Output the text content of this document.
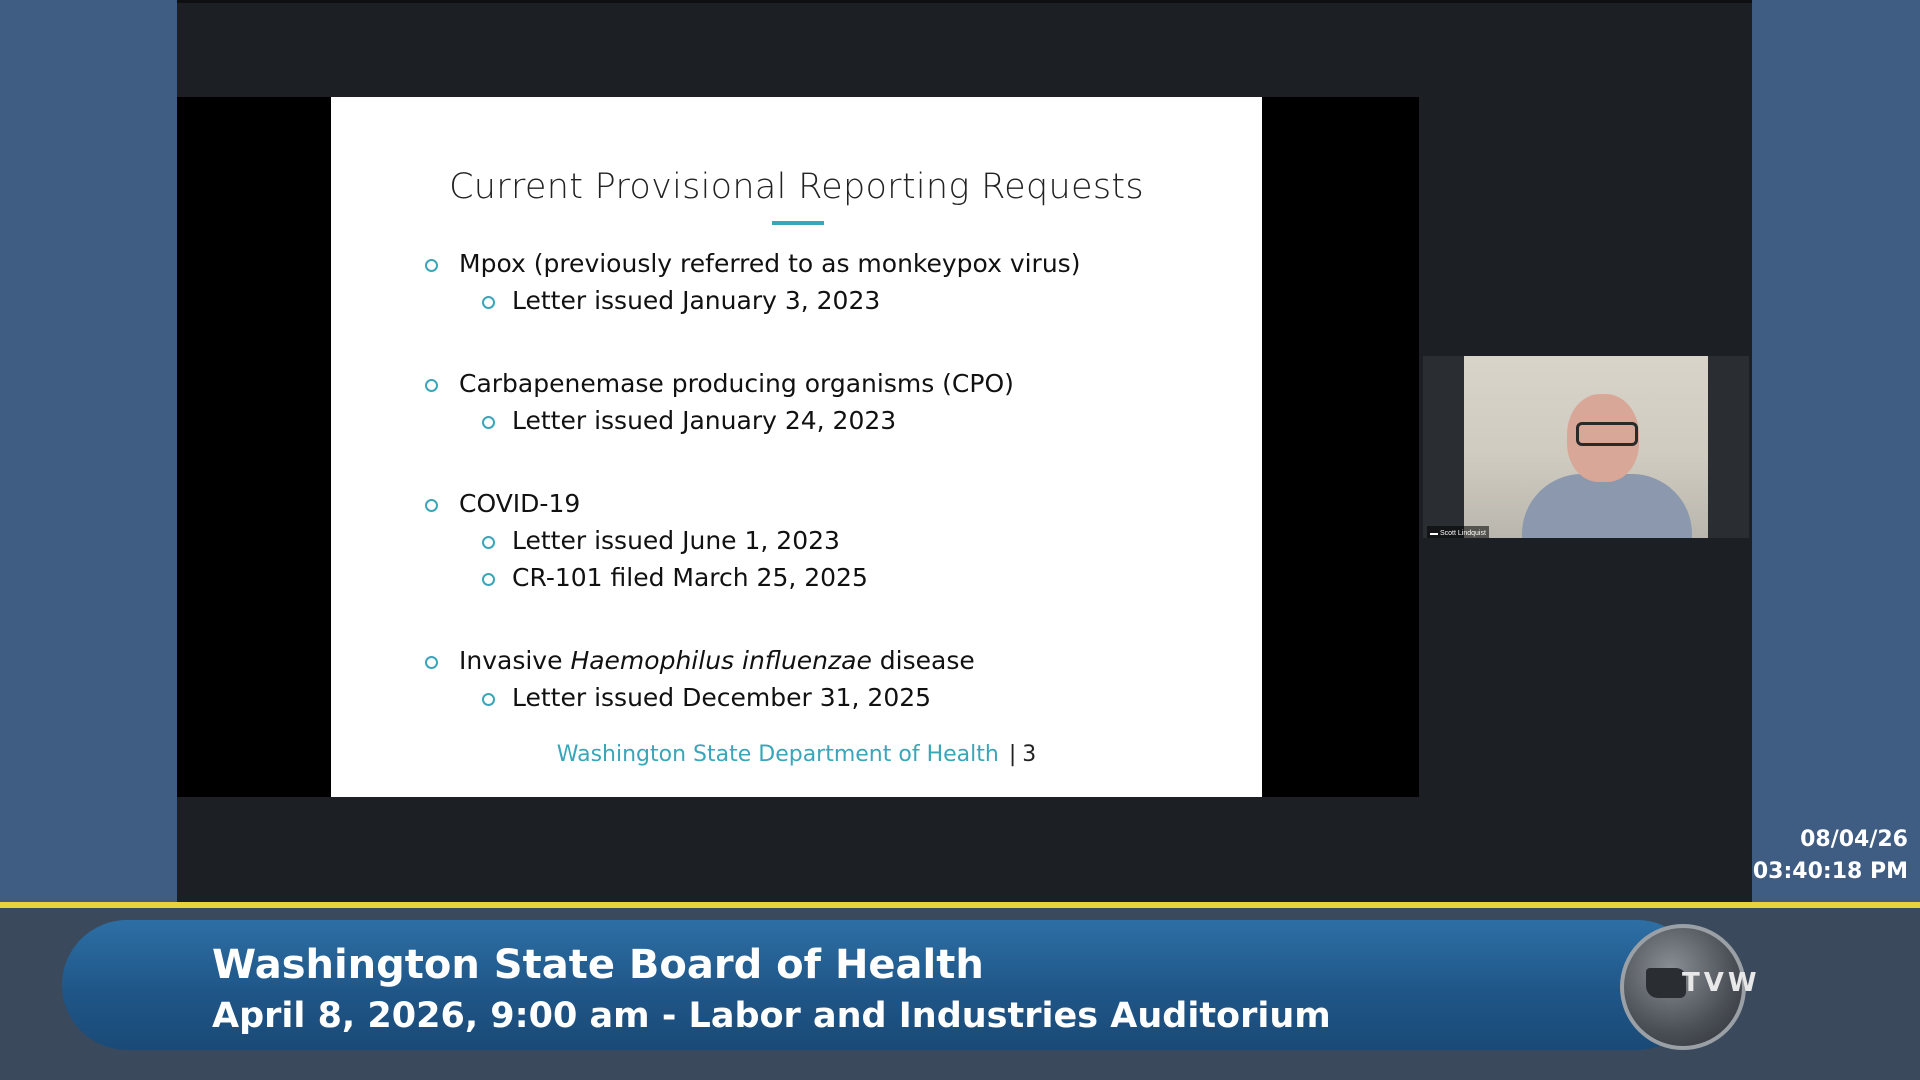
Current Provisional Reporting Requests
Mpox (previously referred to as monkeypox virus)
Letter issued January 3, 2023
Carbapenemase producing organisms (CPO)
Letter issued January 24, 2023
COVID-19
Letter issued June 1, 2023
CR-101 filed March 25, 2025
Invasive Haemophilus influenzae disease
Letter issued December 31, 2025
Washington State Department of Health | 3
Scott Lindquist
08/04/26
03:40:18 PM
Washington State Board of Health
April 8, 2026, 9:00 am - Labor and Industries Auditorium
TVW
